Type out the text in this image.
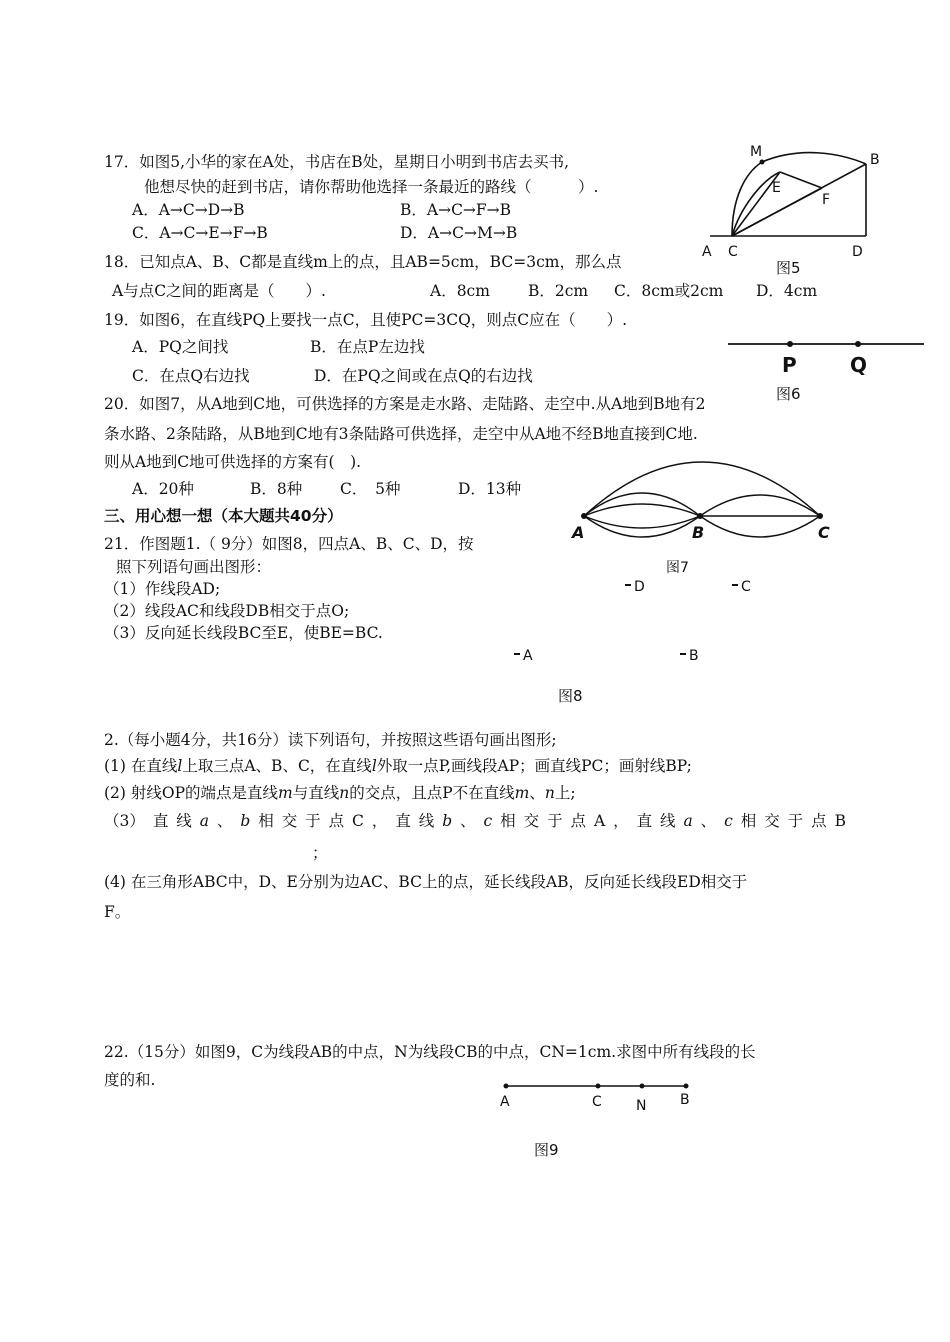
17．如图5,小华的家在A处，书店在B处，星期日小明到书店去买书,
他想尽快的赶到书店，请你帮助他选择一条最近的路线（　　　）.
A．A→C→D→B	B．A→C→F→B
C．A→C→E→F→B	D．A→C→M→B
M	B
E
F
A C	D
图5
18．已知点A、B、C都是直线m上的点，且AB=5cm，BC=3cm，那么点
A与点C之间的距离是（　　）.	A．8cm B．2cm C．8cm或2cm D．4cm
19．如图6，在直线PQ上要找一点C，且使PC=3CQ，则点C应在（　　）.
A．PQ之间找	B．在点P左边找
C．在点Q右边找	D．在PQ之间或在点Q的右边找	P	Q
图6
20．如图7，从A地到C地，可供选择的方案是走水路、走陆路、走空中.从A地到B地有2
条水路、2条陆路，从B地到C地有3条陆路可供选择，走空中从A地不经B地直接到C地.
则从A地到C地可供选择的方案有(　).
A．20种	B．8种 C．　5种	D．13种
A	B	C
图7
三、用心想一想（本大题共40分）
21．作图题1.（ 9分）如图8，四点A、B、C、D，按
照下列语句画出图形：
（1）作线段AD;
（2）线段AC和线段DB相交于点O;
（3）反向延长线段BC至E，使BE=BC.
D	C
A	B
图8
2.（每小题4分，共16分）读下列语句，并按照这些语句画出图形;
(1) 在直线l上取三点A、B、C，在直线l外取一点P,画线段AP；画直线PC；画射线BP;
(2) 射线OP的端点是直线m与直线n的交点，且点P不在直线m、n上;
（3） 直 线 a 、 b 相 交 于 点 C ， 直 线 b 、 c 相 交 于 点 A ， 直 线 a 、 c 相 交 于 点 B
；
(4) 在三角形ABC中，D、E分别为边AC、BC上的点，延长线段AB，反向延长线段ED相交于
F。
22.（15分）如图9，C为线段AB的中点，N为线段CB的中点，CN=1cm.求图中所有线段的长
度的和.
A	C N B
图9
